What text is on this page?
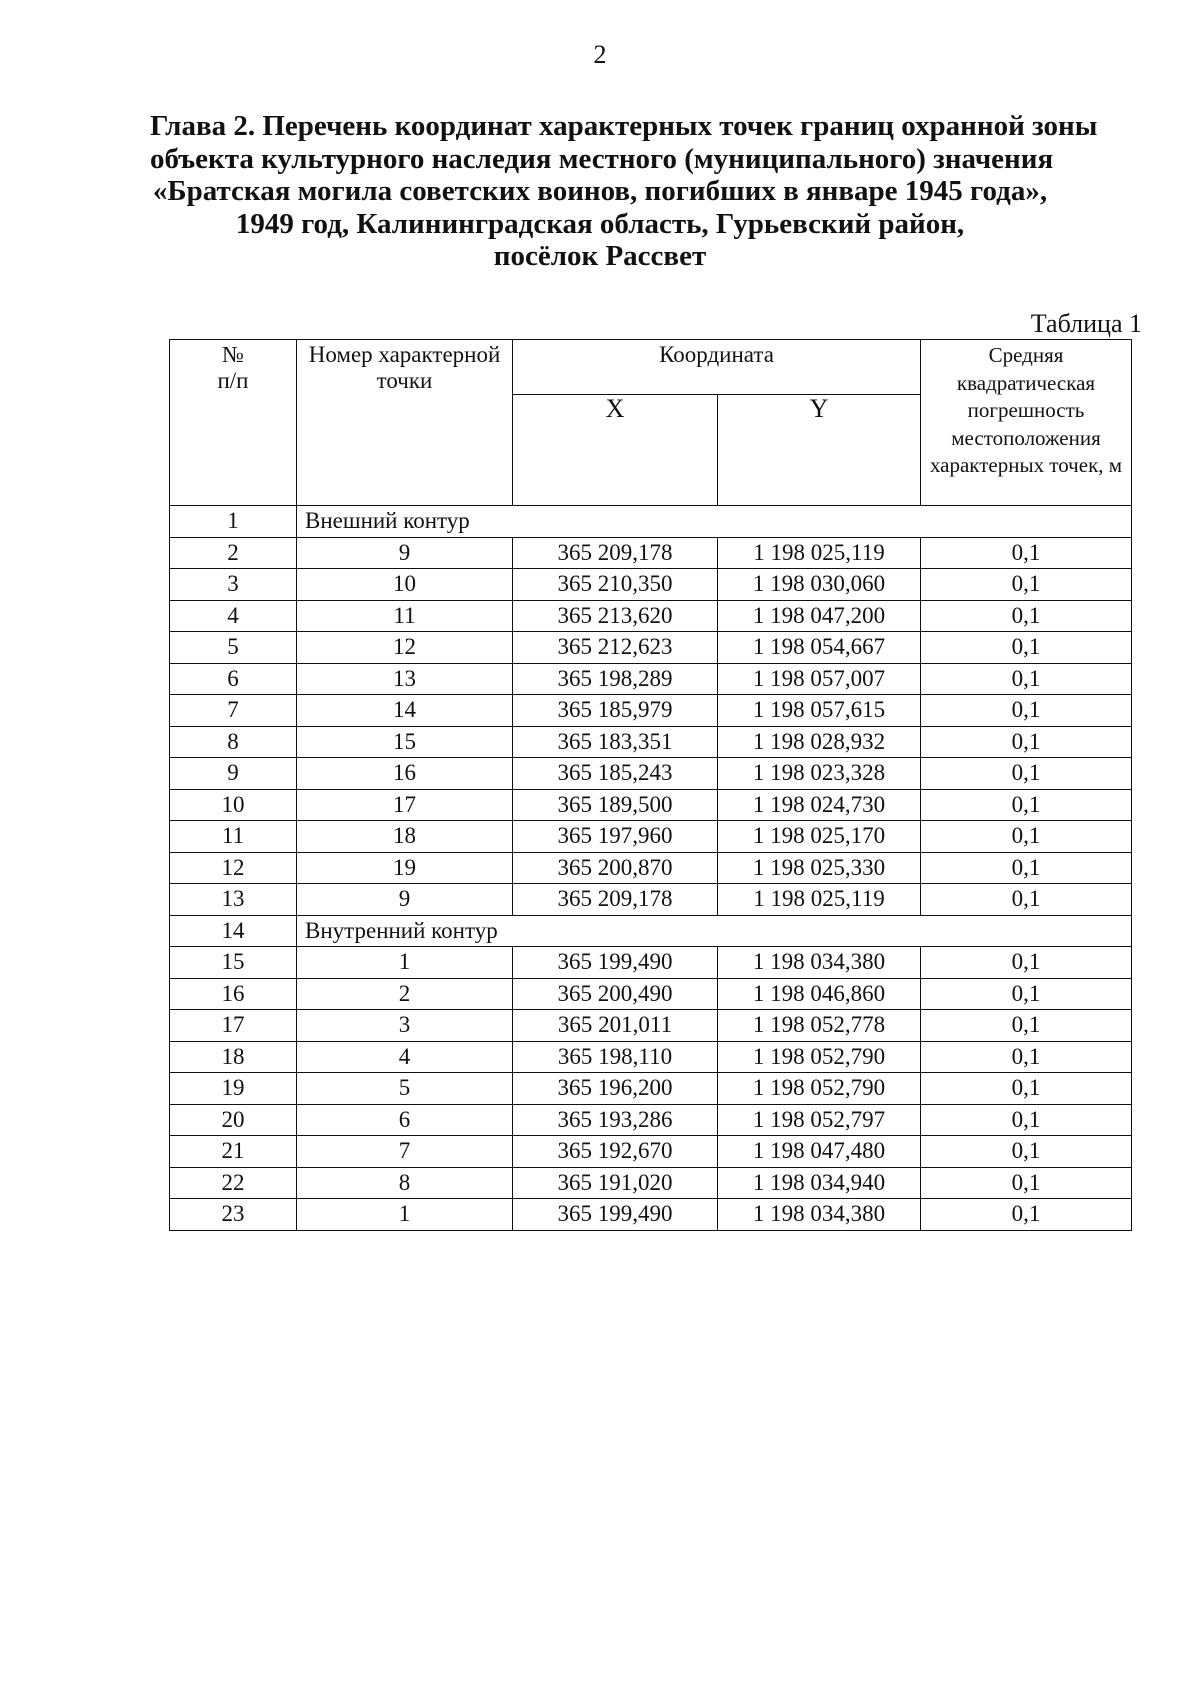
2
Глава 2. Перечень координат характерных точек границ охранной зоны
объекта культурного наследия местного (муниципального) значения
«Братская могила советских воинов, погибших в январе 1945 года»,
1949 год, Калининградская область, Гурьевский район,
посёлок Рассвет
Таблица 1
№
п/п	Номер характерной точки	Координата		Средняя квадратическая погрешность местоположения характерных точек, м
		X	Y	
1	Внешний контур			
2	9	365 209,178	1 198 025,119	0,1
3	10	365 210,350	1 198 030,060	0,1
4	11	365 213,620	1 198 047,200	0,1
5	12	365 212,623	1 198 054,667	0,1
6	13	365 198,289	1 198 057,007	0,1
7	14	365 185,979	1 198 057,615	0,1
8	15	365 183,351	1 198 028,932	0,1
9	16	365 185,243	1 198 023,328	0,1
10	17	365 189,500	1 198 024,730	0,1
11	18	365 197,960	1 198 025,170	0,1
12	19	365 200,870	1 198 025,330	0,1
13	9	365 209,178	1 198 025,119	0,1
14	Внутренний контур			
15	1	365 199,490	1 198 034,380	0,1
16	2	365 200,490	1 198 046,860	0,1
17	3	365 201,011	1 198 052,778	0,1
18	4	365 198,110	1 198 052,790	0,1
19	5	365 196,200	1 198 052,790	0,1
20	6	365 193,286	1 198 052,797	0,1
21	7	365 192,670	1 198 047,480	0,1
22	8	365 191,020	1 198 034,940	0,1
23	1	365 199,490	1 198 034,380	0,1
